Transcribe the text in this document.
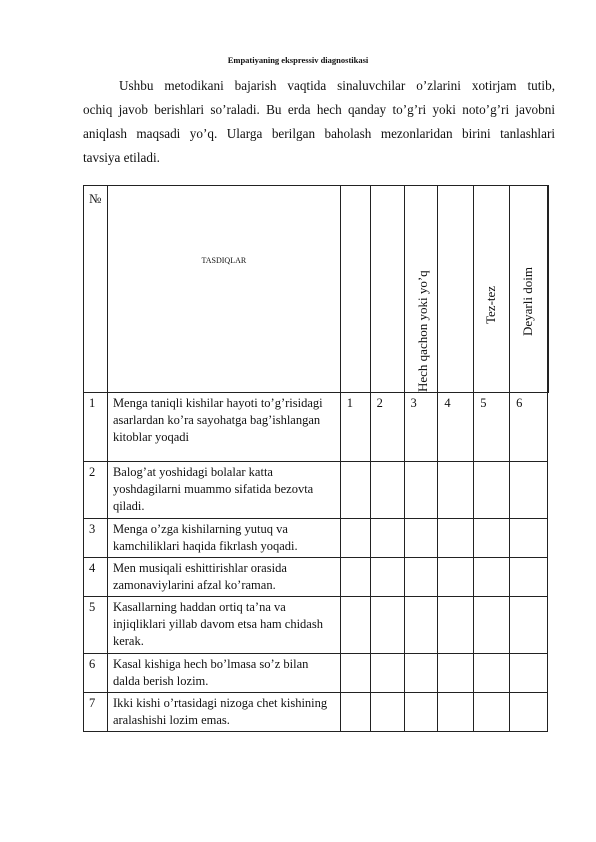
Empatiyaning ekspressiv diagnostikasi
Ushbu metodikani bajarish vaqtida sinaluvchilar o’zlarini xotirjam tutib,
ochiq javob berishlari so’raladi. Bu erda hech qanday to’g’ri yoki noto’g’ri javobni
aniqlash maqsadi yo’q. Ularga berilgan baholash mezonlaridan birini tanlashlari
tavsiya etiladi.
№	TASDIQLAR			Hech qachon yoki yo’q		Tez-tez	Deyarli doim

1	Menga taniqli kishilar hayoti to’g’risidagi asarlardan ko’ra sayohatga bag’ishlangan kitoblar yoqadi	1	2	3	4	5	6	
2	Balog’at yoshidagi bolalar katta yoshdagilarni muammo sifatida bezovta qiladi.							
3	Menga o’zga kishilarning yutuq va kamchiliklari haqida fikrlash yoqadi.							
4	Men musiqali eshittirishlar orasida zamonaviylarini afzal ko’raman.							
5	Kasallarning haddan ortiq ta’na va injiqliklari yillab davom etsa ham chidash kerak.							
6	Kasal kishiga hech bo’lmasa so’z bilan dalda berish lozim.							
7	Ikki kishi o’rtasidagi nizoga chet kishining aralashishi lozim emas.							
